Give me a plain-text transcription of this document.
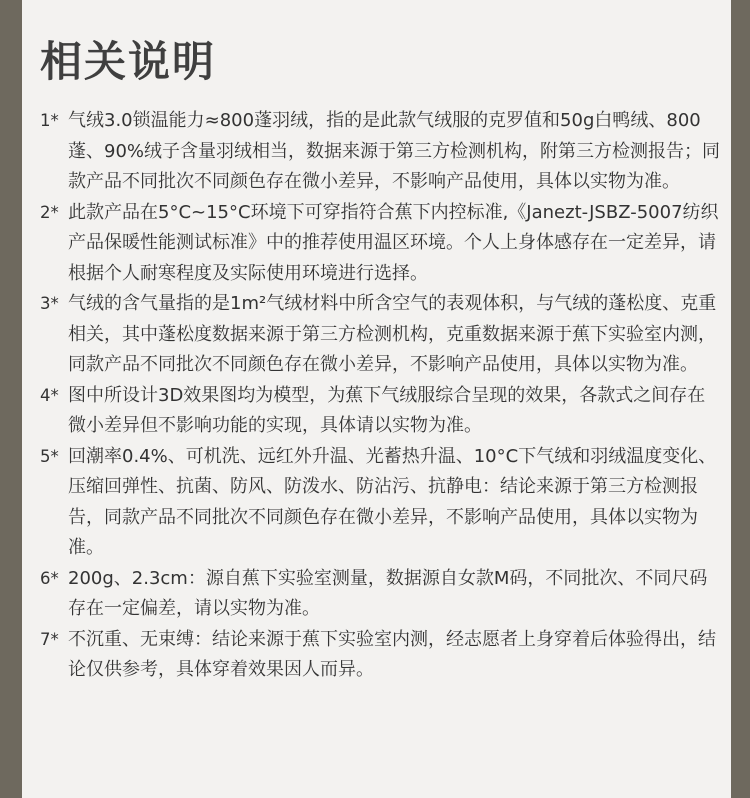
相关说明
1* 气绒3.0锁温能力≈800蓬羽绒，指的是此款气绒服的克罗值和50g白鸭绒、800蓬、90%绒子含量羽绒相当，数据来源于第三方检测机构，附第三方检测报告；同款产品不同批次不同颜色存在微小差异，不影响产品使用，具体以实物为准。
2* 此款产品在5°C~15°C环境下可穿指符合蕉下内控标准,《Janezt-JSBZ-5007纺织产品保暖性能测试标准》中的推荐使用温区环境。个人上身体感存在一定差异，请根据个人耐寒程度及实际使用环境进行选择。
3* 气绒的含气量指的是1m²气绒材料中所含空气的表观体积，与气绒的蓬松度、克重相关，其中蓬松度数据来源于第三方检测机构，克重数据来源于蕉下实验室内测，同款产品不同批次不同颜色存在微小差异，不影响产品使用，具体以实物为准。
4* 图中所设计3D效果图均为模型，为蕉下气绒服综合呈现的效果，各款式之间存在微小差异但不影响功能的实现，具体请以实物为准。
5* 回潮率0.4%、可机洗、远红外升温、光蓄热升温、10°C下气绒和羽绒温度变化、压缩回弹性、抗菌、防风、防泼水、防沾污、抗静电：结论来源于第三方检测报告，同款产品不同批次不同颜色存在微小差异，不影响产品使用，具体以实物为准。
6* 200g、2.3cm：源自蕉下实验室测量，数据源自女款M码，不同批次、不同尺码存在一定偏差，请以实物为准。
7* 不沉重、无束缚：结论来源于蕉下实验室内测，经志愿者上身穿着后体验得出，结论仅供参考，具体穿着效果因人而异。
